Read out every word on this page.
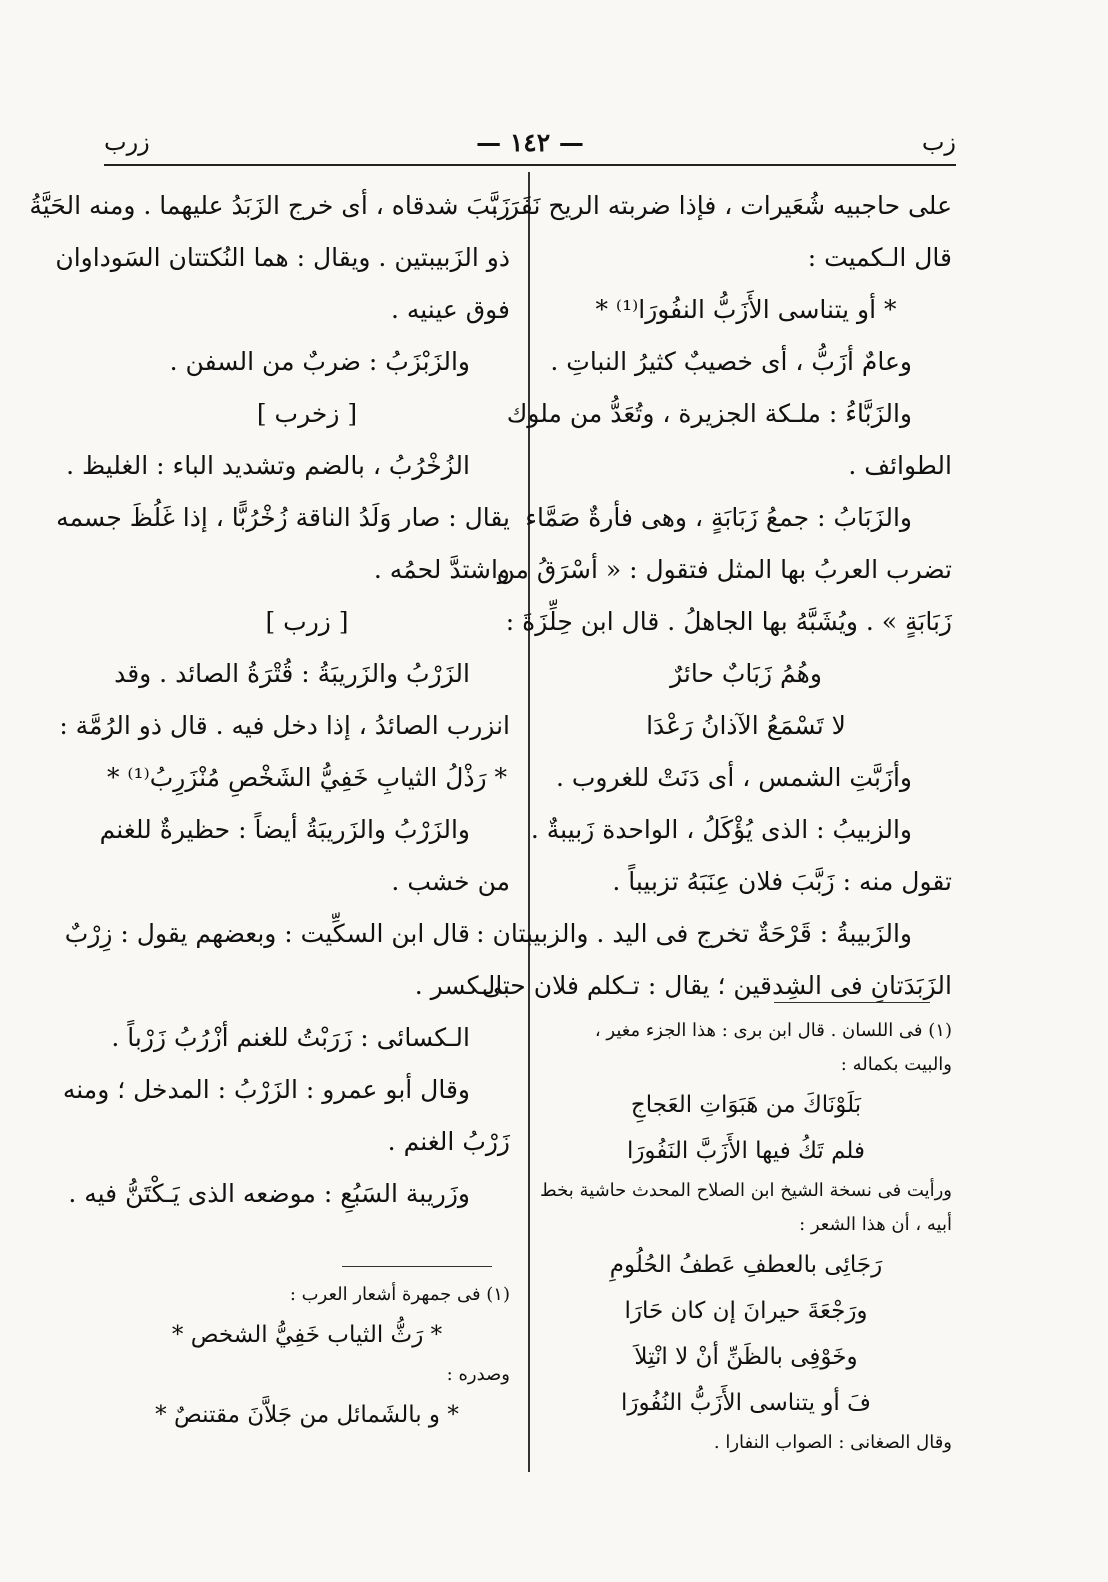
زب
— ١٤٢ —
زرب
على حاجبيه شُعَيرات ، فإذا ضربته الريح نَفَرَ .
قال الـكميت :
* أو يتناسى الأَزَبُّ النفُورَا⁽¹⁾ *
وعامٌ أزَبُّ ، أى خصيبٌ كثيرُ النباتِ .
والزَبَّاءُ : ملـكة الجزيرة ، وتُعَدُّ من ملوك
الطوائف .
والزَبَابُ : جمعُ زَبَابَةٍ ، وهى فأرةٌ صَمَّاء
تضرب العربُ بها المثل فتقول : « أسْرَقُ من
زَبَابَةٍ » . ويُشَبَّهُ بها الجاهلُ . قال ابن حِلِّزَةَ :
وهُمُ زَبَابٌ حائرٌ
لا تَسْمَعُ الآذانُ رَعْدَا
وأزَبَّتِ الشمس ، أى دَنَتْ للغروب .
والزبيبُ : الذى يُؤْكَلُ ، الواحدة زَبيبةٌ .
تقول منه : زَبَّبَ فلان عِنَبَهُ تزبيباً .
والزَبيبةُ : قَرْحَةٌ تخرج فى اليد . والزبيبتان :
الزَبَدَتانِ فى الشِدقين ؛ يقال : تـكلم فلان حتى
(١) فى اللسان . قال ابن برى : هذا الجزء مغير ،
والبيت بكماله :
بَلَوْنَاكَ من هَبَوَاتِ العَجاجِ
فلم تَكُ فيها الأَزَبَّ النَفُورَا
ورأيت فى نسخة الشيخ ابن الصلاح المحدث حاشية بخط
أبيه ، أن هذا الشعر :
رَجَائِى بالعطفِ عَطفُ الحُلُومِ
ورَجْعَةَ حيرانَ إن كان حَارَا
وخَوْفِى بالظَنِّ أنْ لا انْتِلاَ
فَ أو يتناسى الأَزَبُّ النُفُورَا
وقال الصغانى : الصواب النفارا .
زَبَّبَ شدقاه ، أى خرج الزَبَدُ عليهما . ومنه الحَيَّةُ
ذو الزَبيبتين . ويقال : هما النُكتتان السَوداوان
فوق عينيه .
والزَبْزَبُ : ضربٌ من السفن .
[ زخرب ]
الزُخْرُبُ ، بالضم وتشديد الباء : الغليظ .
يقال : صار وَلَدُ الناقة زُخْرُبًّا ، إذا غَلُظَ جسمه
واشتدَّ لحمُه .
[ زرب ]
الزَرْبُ والزَريبَةُ : قُتْرَةُ الصائد . وقد
انزرب الصائدُ ، إذا دخل فيه . قال ذو الرُمَّة :
* رَذْلُ الثيابِ خَفِيُّ الشَخْصِ مُنْزَرِبُ⁽¹⁾ *
والزَرْبُ والزَريبَةُ أيضاً : حظيرةٌ للغنم
من خشب .
قال ابن السكِّيت : وبعضهم يقول : زِرْبٌ
بالـكسر .
الـكسائى : زَرَبْتُ للغنم أزْرُبُ زَرْباً .
وقال أبو عمرو : الزَرْبُ : المدخل ؛ ومنه
زَرْبُ الغنم .
وزَريبة السَبُعِ : موضعه الذى يَـكْتَنُّ فيه .
(١) فى جمهرة أشعار العرب :
* رَثُّ الثياب خَفِيُّ الشخص *
وصدره :
* و بالشَمائل من جَلاَّنَ مقتنصٌ *
